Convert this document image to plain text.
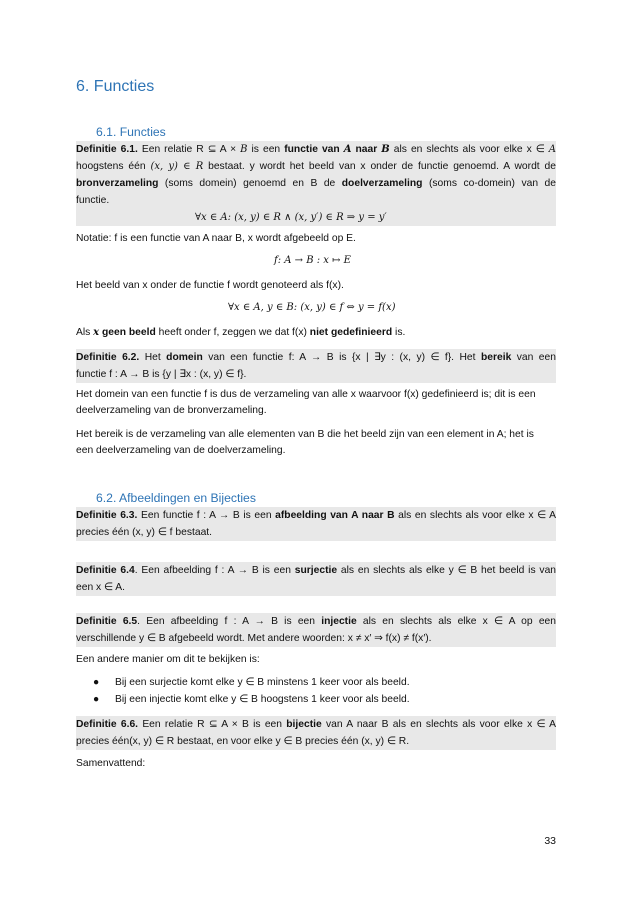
6. Functies
6.1. Functies
Definitie 6.1. Een relatie R ⊆ A × B is een functie van A naar B als en slechts als voor elke x ∈ A
hoogstens één (x, y) ∈ R bestaat. y wordt het beeld van x onder de functie genoemd. A wordt de
bronverzameling (soms domein) genoemd en B de doelverzameling (soms co-domein) van de
functie.
∀x ∈ A: (x, y) ∈ R ∧ (x, y′) ∈ R ⇒ y = y′
Notatie: f is een functie van A naar B, x wordt afgebeeld op E.
f: A → B : x ↦ E
Het beeld van x onder de functie f wordt genoteerd als f(x).
∀x ∈ A, y ∈ B: (x, y) ∈ f ⇔ y = f(x)
Als x geen beeld heeft onder f, zeggen we dat f(x) niet gedefinieerd is.
Definitie 6.2. Het domein van een functie f: A → B is {x | ∃y : (x, y) ∈ f}. Het bereik van een
functie f : A → B is {y | ∃x : (x, y) ∈ f}.
Het domein van een functie f is dus de verzameling van alle x waarvoor f(x) gedefinieerd is; dit is een
deelverzameling van de bronverzameling.
Het bereik is de verzameling van alle elementen van B die het beeld zijn van een element in A; het is
een deelverzameling van de doelverzameling.
6.2. Afbeeldingen en Bijecties
Definitie 6.3. Een functie f : A → B is een afbeelding van A naar B als en slechts als voor elke x ∈ A
precies één (x, y) ∈ f bestaat.
Definitie 6.4. Een afbeelding f : A → B is een surjectie als en slechts als elke y ∈ B het beeld is van
een x ∈ A.
Definitie 6.5. Een afbeelding f : A → B is een injectie als en slechts als elke x ∈ A op een
verschillende y ∈ B afgebeeld wordt. Met andere woorden: x ≠ x′ ⇒ f(x) ≠ f(x′).
Een andere manier om dit te bekijken is:
● Bij een surjectie komt elke y ∈ B minstens 1 keer voor als beeld.
● Bij een injectie komt elke y ∈ B hoogstens 1 keer voor als beeld.
Definitie 6.6. Een relatie R ⊆ A × B is een bijectie van A naar B als en slechts als voor elke x ∈ A
precies één(x, y) ∈ R bestaat, en voor elke y ∈ B precies één (x, y) ∈ R.
Samenvattend:
33
